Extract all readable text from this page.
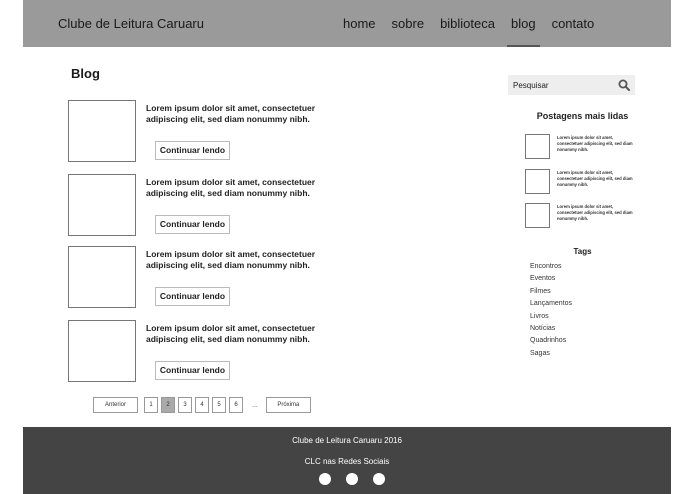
Clube de Leitura Caruaru	home	sobre	biblioteca	blog	contato
Blog
Lorem ipsum dolor sit amet, consectetuer adipiscing elit, sed diam nonummy nibh.
Continuar lendo
Lorem ipsum dolor sit amet, consectetuer adipiscing elit, sed diam nonummy nibh.
Continuar lendo
Lorem ipsum dolor sit amet, consectetuer adipiscing elit, sed diam nonummy nibh.
Continuar lendo
Lorem ipsum dolor sit amet, consectetuer adipiscing elit, sed diam nonummy nibh.
Continuar lendo
Anterior	1	2	3	4	5	6	...	Próxima
Pesquisar
Postagens mais lidas
Lorem ipsum dolor sit amet, consectetuer adipiscing elit, sed diam nonummy nibh.
Lorem ipsum dolor sit amet, consectetuer adipiscing elit, sed diam nonummy nibh.
Lorem ipsum dolor sit amet, consectetuer adipiscing elit, sed diam nonummy nibh.
Tags
Encontros
Eventos
Filmes
Lançamentos
Livros
Notícias
Quadrinhos
Sagas
Clube de Leitura Caruaru 2016
CLC nas Redes Sociais
